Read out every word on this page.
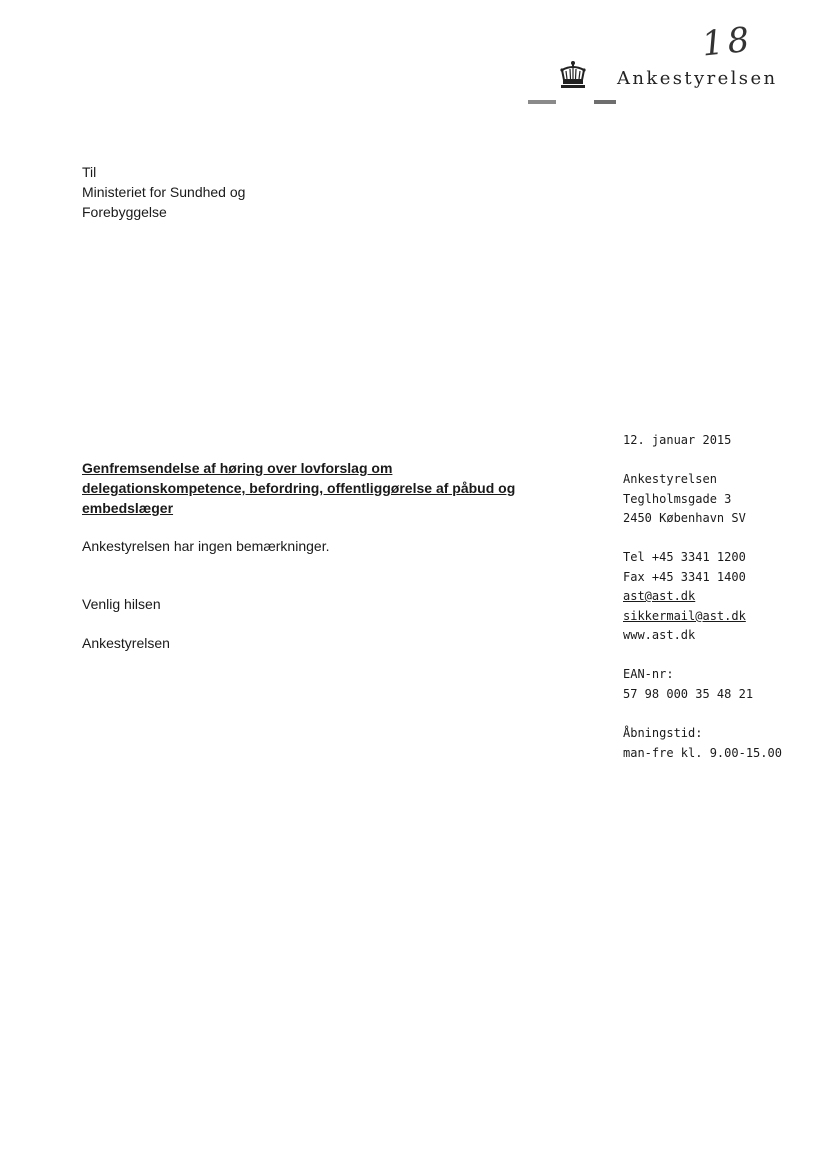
18
Ankestyrelsen
Til
Ministeriet for Sundhed og
Forebyggelse
12. januar 2015
Ankestyrelsen
Teglholmsgade 3
2450 København SV
Tel +45 3341 1200
Fax +45 3341 1400
ast@ast.dk
sikkermail@ast.dk
www.ast.dk
EAN-nr:
57 98 000 35 48 21
Åbningstid:
man-fre kl. 9.00-15.00
Genfremsendelse af høring over lovforslag om
delegationskompetence, befordring, offentliggørelse af påbud og
embedslæger
Ankestyrelsen har ingen bemærkninger.
Venlig hilsen
Ankestyrelsen
